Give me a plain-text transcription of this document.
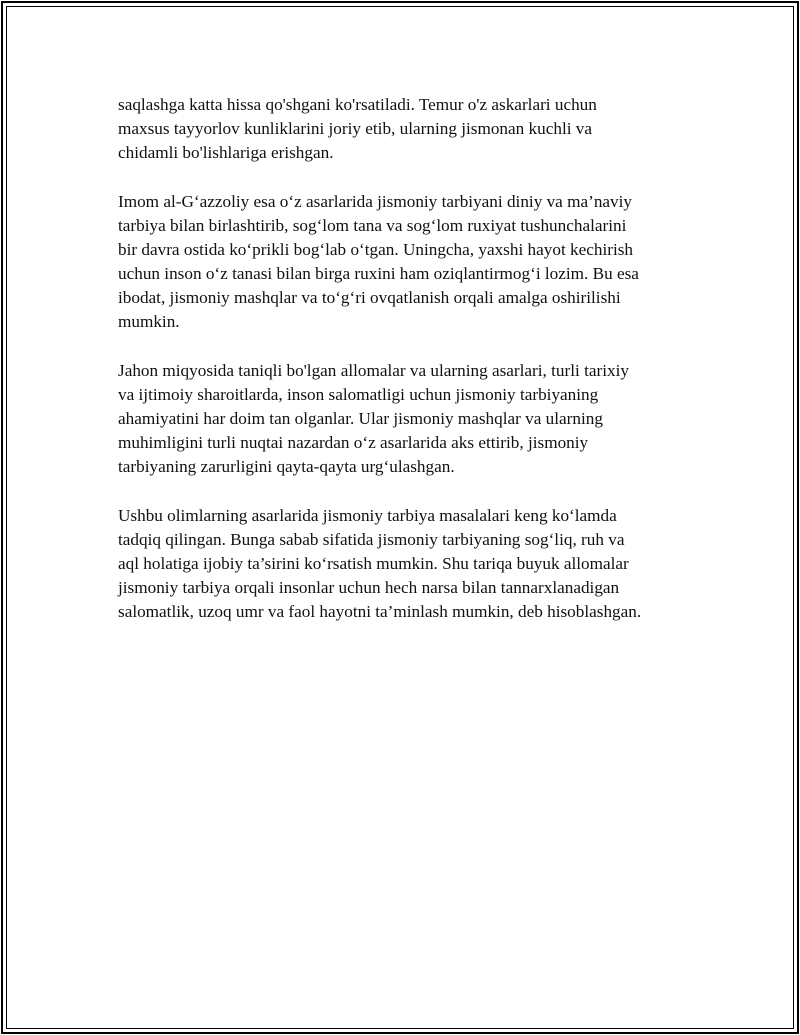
saqlashga katta hissa qo'shgani ko'rsatiladi. Temur o'z askarlari uchun
maxsus tayyorlov kunliklarini joriy etib, ularning jismonan kuchli va
chidamli bo'lishlariga erishgan.

Imom al-G‘azzoliy esa o‘z asarlarida jismoniy tarbiyani diniy va ma’naviy
tarbiya bilan birlashtirib, sog‘lom tana va sog‘lom ruxiyat tushunchalarini
bir davra ostida ko‘prikli bog‘lab o‘tgan. Uningcha, yaxshi hayot kechirish
uchun inson o‘z tanasi bilan birga ruxini ham oziqlantirmog‘i lozim. Bu esa
ibodat, jismoniy mashqlar va to‘g‘ri ovqatlanish orqali amalga oshirilishi
mumkin.

Jahon miqyosida taniqli bo'lgan allomalar va ularning asarlari, turli tarixiy
va ijtimoiy sharoitlarda, inson salomatligi uchun jismoniy tarbiyaning
ahamiyatini har doim tan olganlar. Ular jismoniy mashqlar va ularning
muhimligini turli nuqtai nazardan o‘z asarlarida aks ettirib, jismoniy
tarbiyaning zarurligini qayta-qayta urg‘ulashgan.

Ushbu olimlarning asarlarida jismoniy tarbiya masalalari keng ko‘lamda
tadqiq qilingan. Bunga sabab sifatida jismoniy tarbiyaning sog‘liq, ruh va
aql holatiga ijobiy ta’sirini ko‘rsatish mumkin. Shu tariqa buyuk allomalar
jismoniy tarbiya orqali insonlar uchun hech narsa bilan tannarxlanadigan
salomatlik, uzoq umr va faol hayotni ta’minlash mumkin, deb hisoblashgan.
